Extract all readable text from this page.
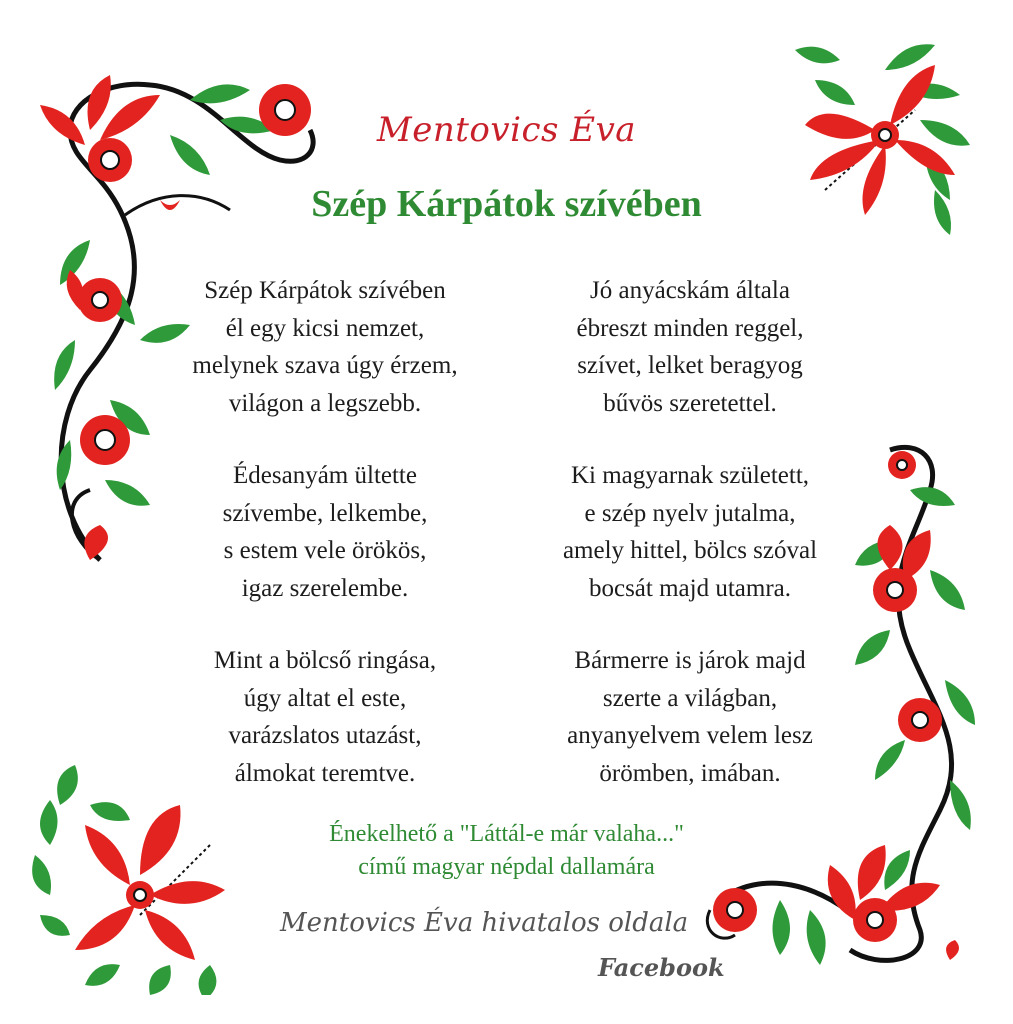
Mentovics Éva
Szép Kárpátok szívében
Szép Kárpátok szívében
él egy kicsi nemzet,
melynek szava úgy érzem,
világon a legszebb.
Édesanyám ültette
szívembe, lelkembe,
s estem vele örökös,
igaz szerelembe.
Mint a bölcső ringása,
úgy altat el este,
varázslatos utazást,
álmokat teremtve.
Jó anyácskám általa
ébreszt minden reggel,
szívet, lelket beragyog
bűvös szeretettel.
Ki magyarnak született,
e szép nyelv jutalma,
amely hittel, bölcs szóval
bocsát majd utamra.
Bármerre is járok majd
szerte a világban,
anyanyelvem velem lesz
örömben, imában.
Énekelhető a "Láttál-e már valaha..."
című magyar népdal dallamára
Mentovics Éva hivatalos oldala
Facebook
